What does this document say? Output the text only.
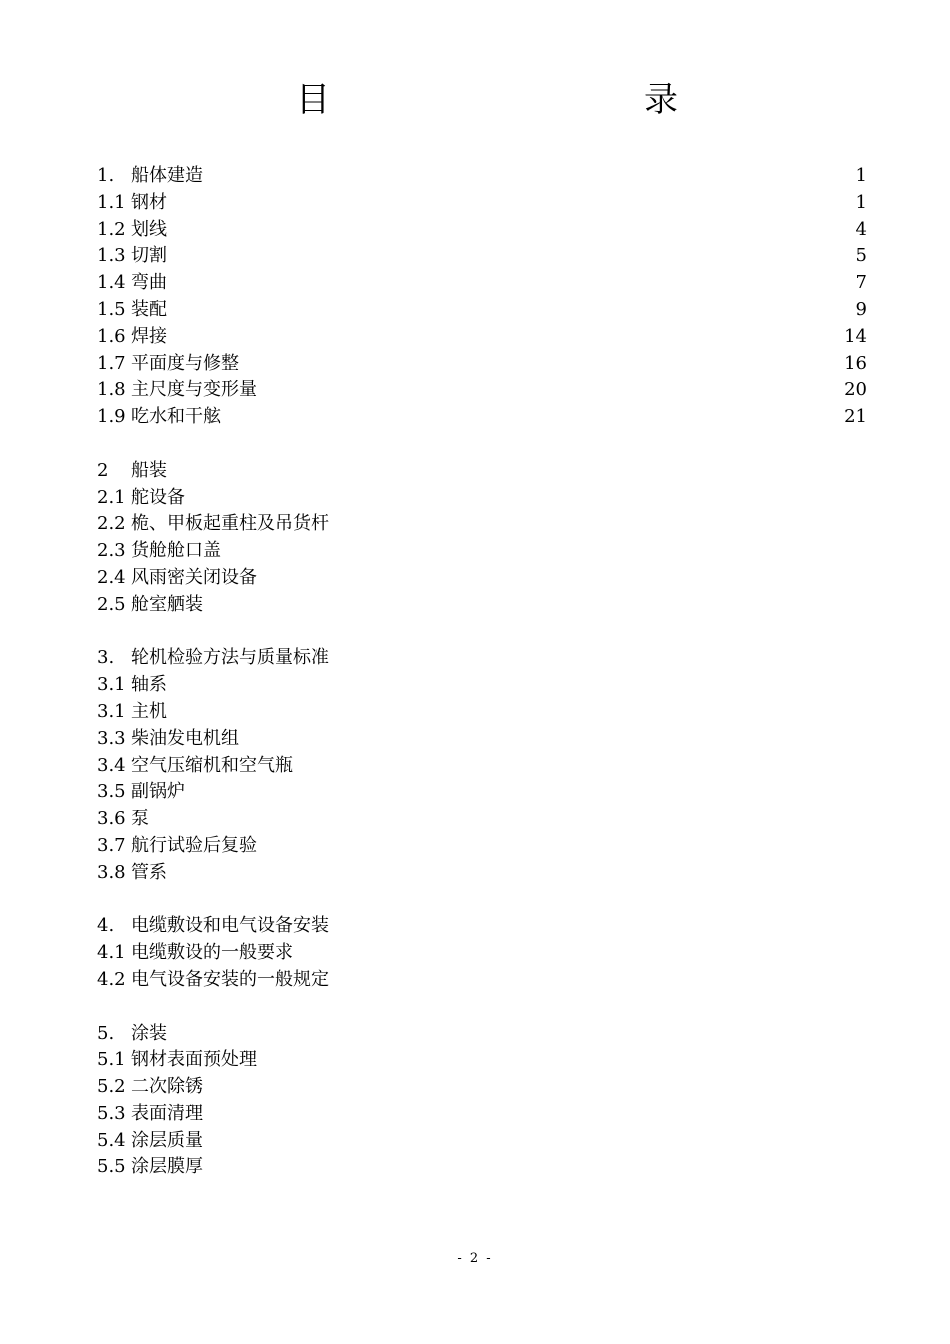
目	录
1. 船体建造	1
1.1 钢材	1
1.2 划线	4
1.3 切割	5
1.4 弯曲	7
1.5 装配	9
1.6 焊接	14
1.7 平面度与修整	16
1.8 主尺度与变形量	20
1.9 吃水和干舷	21
2	船装
2.1 舵设备
2.2 桅、甲板起重柱及吊货杆
2.3 货舱舱口盖
2.4 风雨密关闭设备
2.5 舱室舾装
3. 轮机检验方法与质量标准
3.1 轴系
3.1 主机
3.3 柴油发电机组
3.4 空气压缩机和空气瓶
3.5 副锅炉
3.6 泵
3.7 航行试验后复验
3.8 管系
4. 电缆敷设和电气设备安装
4.1 电缆敷设的一般要求
4.2 电气设备安装的一般规定
5. 涂装
5.1 钢材表面预处理
5.2 二次除锈
5.3 表面清理
5.4 涂层质量
5.5 涂层膜厚
- 2 -
